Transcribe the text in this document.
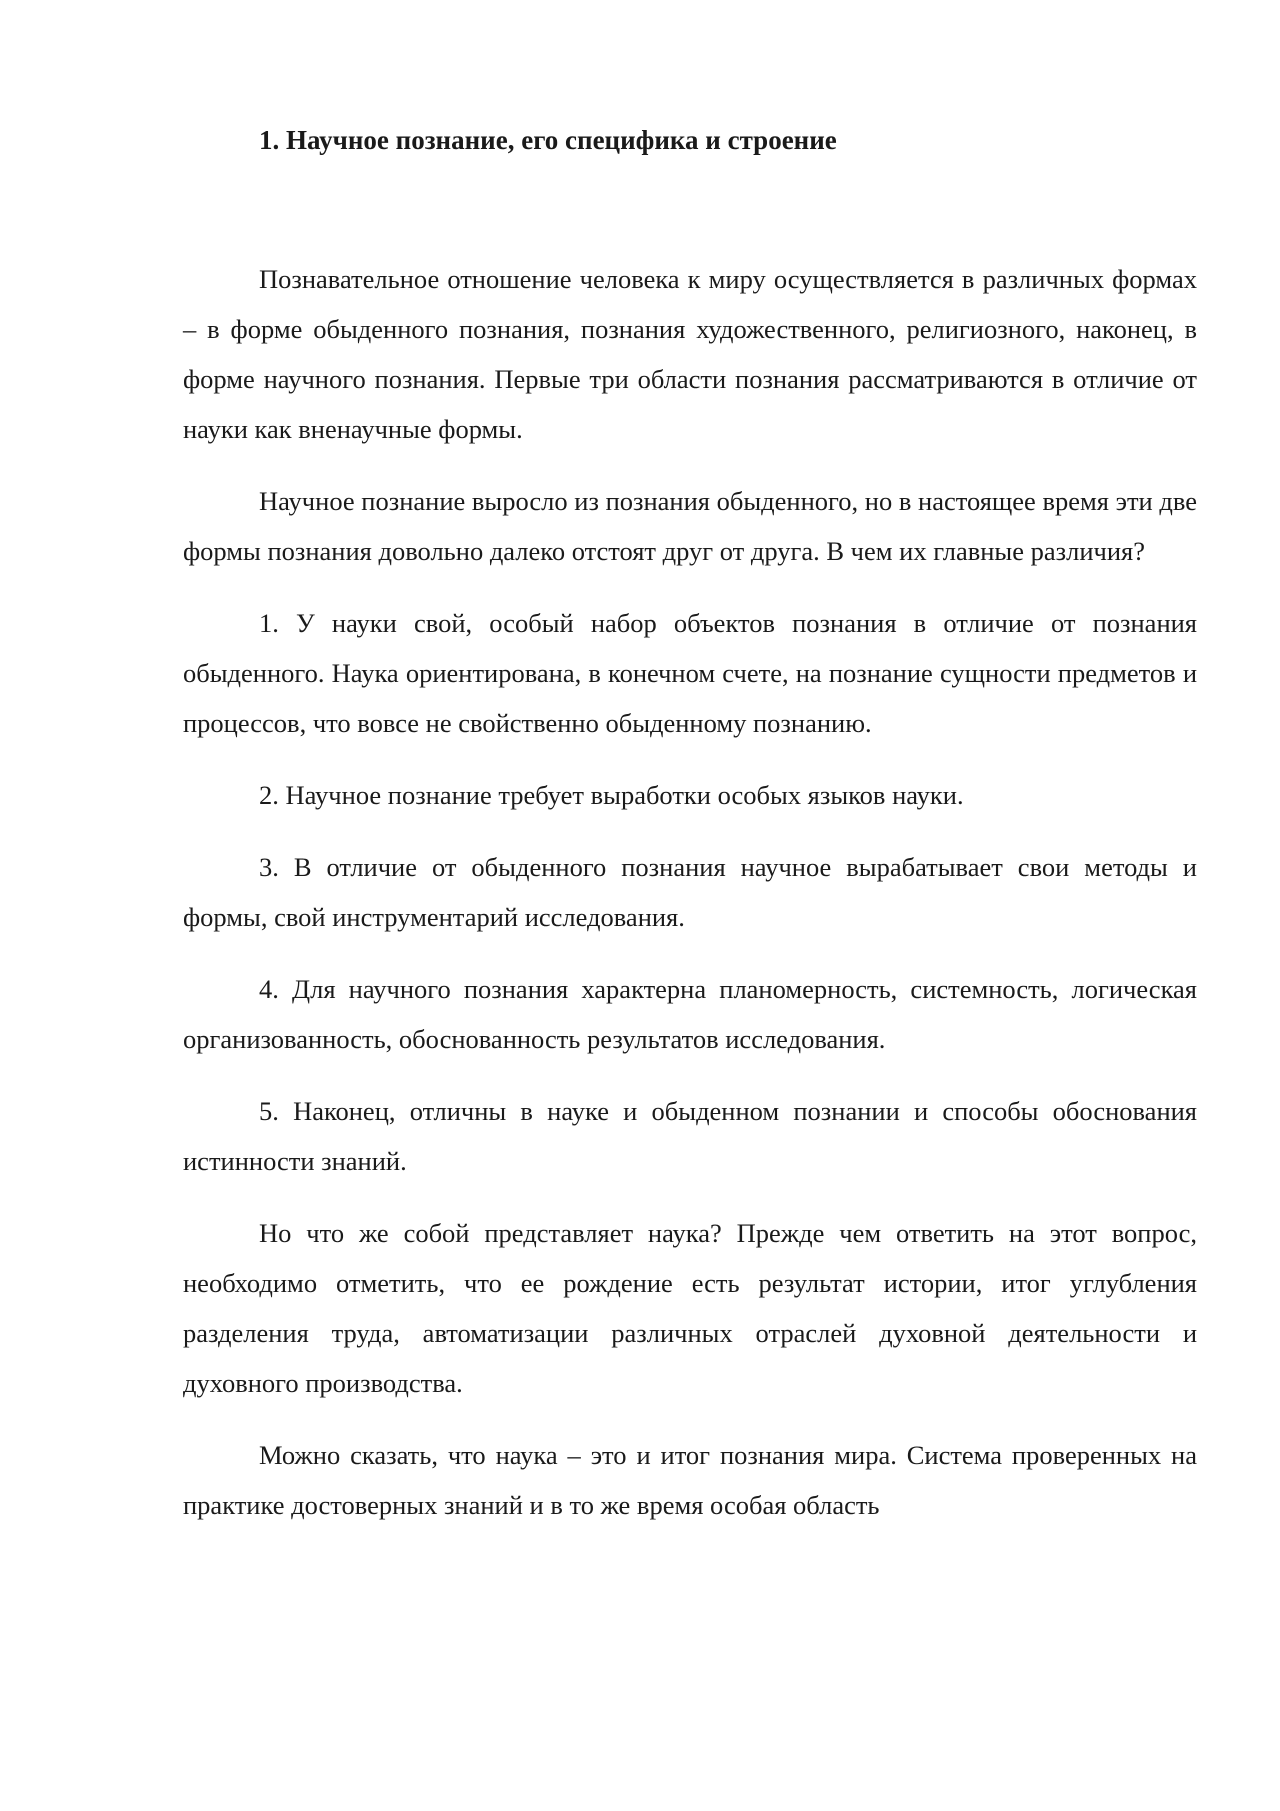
1. Научное познание, его специфика и строение

Познавательное отношение человека к миру осуществляется в различных формах – в форме обыденного познания, познания художественного, религиозного, наконец, в форме научного познания. Первые три области познания рассматриваются в отличие от науки как вненаучные формы.

Научное познание выросло из познания обыденного, но в настоящее время эти две формы познания довольно далеко отстоят друг от друга. В чем их главные различия?

1. У науки свой, особый набор объектов познания в отличие от познания обыденного. Наука ориентирована, в конечном счете, на познание сущности предметов и процессов, что вовсе не свойственно обыденному познанию.

2. Научное познание требует выработки особых языков науки.

3. В отличие от обыденного познания научное вырабатывает свои методы и формы, свой инструментарий исследования.

4. Для научного познания характерна планомерность, системность, логическая организованность, обоснованность результатов исследования.

5. Наконец, отличны в науке и обыденном познании и способы обоснования истинности знаний.

Но что же собой представляет наука? Прежде чем ответить на этот вопрос, необходимо отметить, что ее рождение есть результат истории, итог углубления разделения труда, автоматизации различных отраслей духовной деятельности и духовного производства.

Можно сказать, что наука – это и итог познания мира. Система проверенных на практике достоверных знаний и в то же время особая область
